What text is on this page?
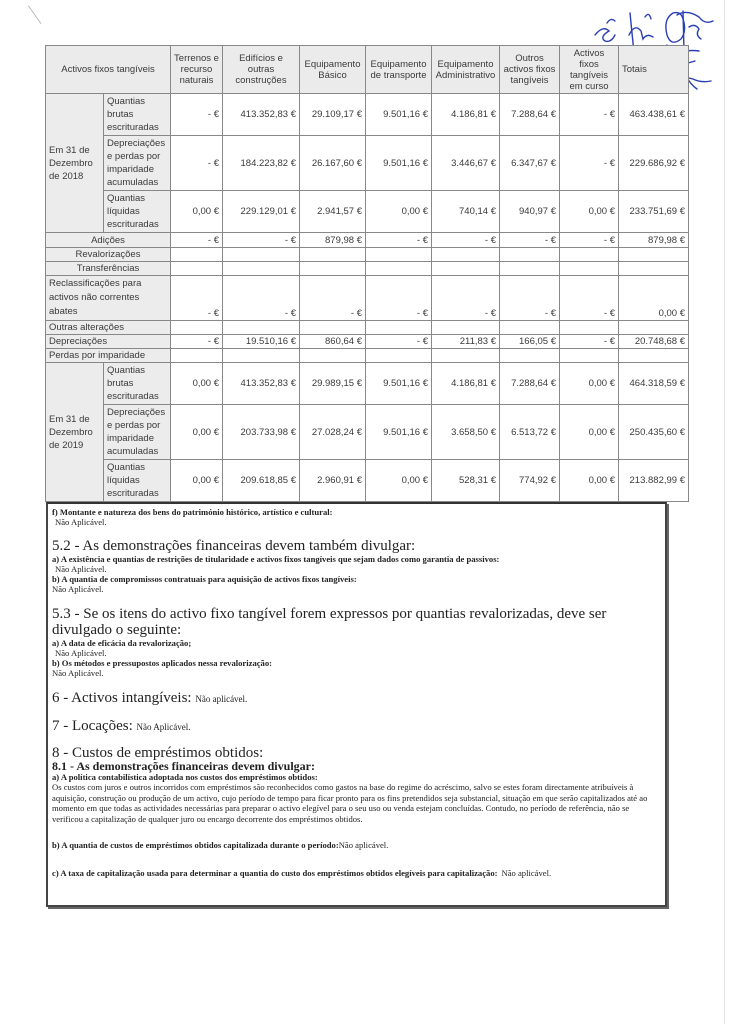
Activos fixos tangíveis		Terrenos e recurso naturais	Edifícios e outras construções	Equipamento Básico	Equipamento de transporte	Equipamento Administrativo	Outros activos fixos tangíveis	Activos fixos tangíveis em curso	Totais
Em 31 de Dezembro de 2018	Quantias brutas escrituradas	- €	413.352,83 €	29.109,17 €	9.501,16 €	4.186,81 €	7.288,64 €	- €	463.438,61 €
	Depreciações e perdas por imparidade acumuladas	- €	184.223,82 €	26.167,60 €	9.501,16 €	3.446,67 €	6.347,67 €	- €	229.686,92 €
	Quantias líquidas escrituradas	0,00 €	229.129,01 €	2.941,57 €	0,00 €	740,14 €	940,97 €	0,00 €	233.751,69 €
Adições		- €	- €	879,98 €	- €	- €	- €	- €	879,98 €
Revalorizações									
Transferências									
Reclassificações para activos não correntes abates		- €	- €	- €	- €	- €	- €	- €	0,00 €
Outras alterações									
Depreciações		- €	19.510,16 €	860,64 €	- €	211,83 €	166,05 €	- €	20.748,68 €
Perdas por imparidade									
Em 31 de Dezembro de 2019	Quantias brutas escrituradas	0,00 €	413.352,83 €	29.989,15 €	9.501,16 €	4.186,81 €	7.288,64 €	0,00 €	464.318,59 €
	Depreciações e perdas por imparidade acumuladas	0,00 €	203.733,98 €	27.028,24 €	9.501,16 €	3.658,50 €	6.513,72 €	0,00 €	250.435,60 €
	Quantias líquidas escrituradas	0,00 €	209.618,85 €	2.960,91 €	0,00 €	528,31 €	774,92 €	0,00 €	213.882,99 €
f) Montante e natureza dos bens do património histórico, artístico e cultural:
Não Aplicável.
5.2 - As demonstrações financeiras devem também divulgar:
a) A existência e quantias de restrições de titularidade e activos fixos tangíveis que sejam dados como garantia de passivos:
Não Aplicável.
b) A quantia de compromissos contratuais para aquisição de activos fixos tangíveis:
Não Aplicável.
5.3 - Se os itens do activo fixo tangível forem expressos por quantias revalorizadas, deve ser divulgado o seguinte:
a) A data de eficácia da revalorização;
Não Aplicável.
b) Os métodos e pressupostos aplicados nessa revalorização:
Não Aplicável.
6 - Activos intangíveis: Não aplicável.
7 - Locações: Não Aplicável.
8 - Custos de empréstimos obtidos:
8.1 - As demonstrações financeiras devem divulgar:
a) A política contabilística adoptada nos custos dos empréstimos obtidos:
Os custos com juros e outros incorridos com empréstimos são reconhecidos como gastos na base do regime do acréscimo, salvo se estes foram directamente atribuíveis à aquisição, construção ou produção de um activo, cujo período de tempo para ficar pronto para os fins pretendidos seja substancial, situação em que serão capitalizados até ao momento em que todas as actividades necessárias para preparar o activo elegível para o seu uso ou venda estejam concluídas. Contudo, no período de referência, não se verificou a capitalização de qualquer juro ou encargo decorrente dos empréstimos obtidos.
b) A quantia de custos de empréstimos obtidos capitalizada durante o período:Não aplicável.
c) A taxa de capitalização usada para determinar a quantia do custo dos empréstimos obtidos elegíveis para capitalização: Não aplicável.
